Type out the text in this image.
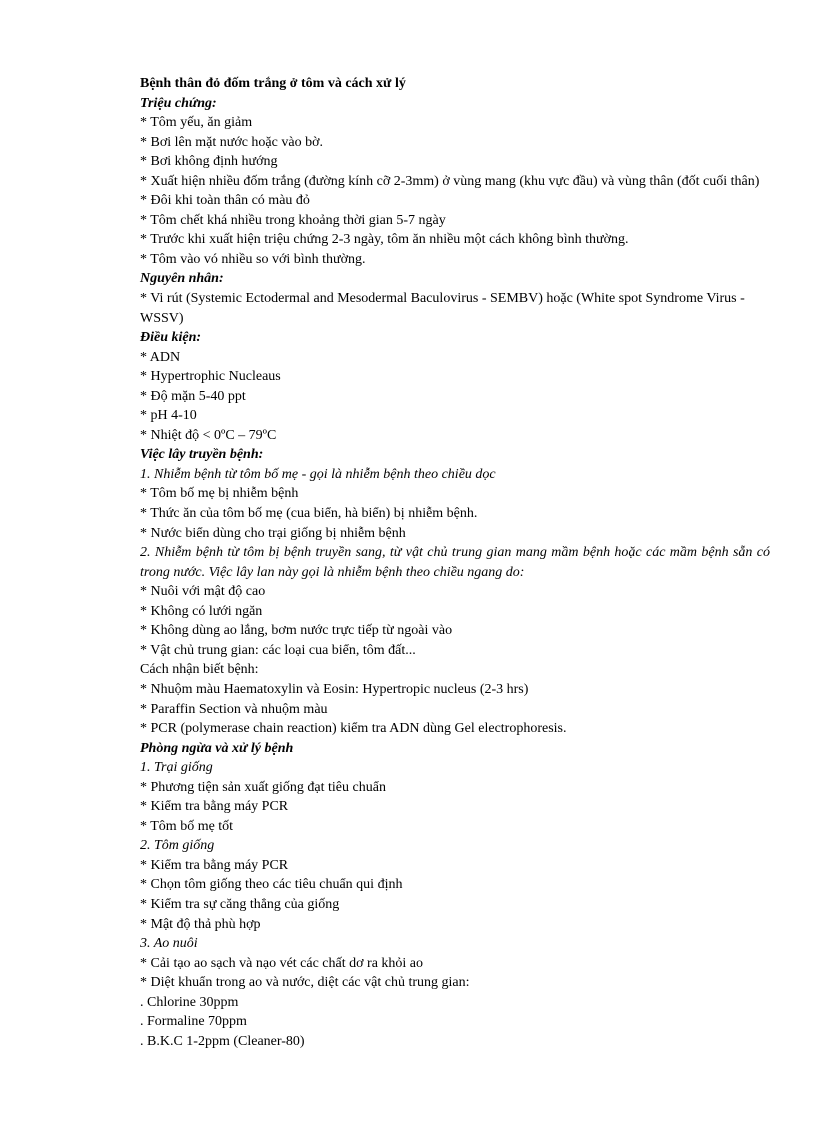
Bệnh thân đỏ đốm trắng ở tôm và cách xử lý

Triệu chứng:

* Tôm yếu, ăn giảm

* Bơi lên mặt nước hoặc vào bờ.

* Bơi không định hướng

* Xuất hiện nhiều đốm trắng (đường kính cỡ 2-3mm) ở vùng mang (khu vực đầu) và vùng thân (đốt cuối thân)

* Đôi khi toàn thân có màu đỏ

* Tôm chết khá nhiều trong khoảng thời gian 5-7 ngày

* Trước khi xuất hiện triệu chứng 2-3 ngày, tôm ăn nhiều một cách không bình thường.

* Tôm vào vó nhiều so với bình thường.

Nguyên nhân:

* Vi rút (Systemic Ectodermal and Mesodermal Baculovirus - SEMBV) hoặc (White spot Syndrome Virus - WSSV)

Điều kiện:

* ADN

* Hypertrophic Nucleaus

* Độ mặn 5-40 ppt

* pH 4-10

* Nhiệt độ < 0ºC – 79ºC

Việc lây truyền bệnh:

1. Nhiễm bệnh từ tôm bố mẹ - gọi là nhiễm bệnh theo chiều dọc

* Tôm bố mẹ bị nhiễm bệnh

* Thức ăn của tôm bố mẹ (cua biển, hà biển) bị nhiễm bệnh.

* Nước biển dùng cho trại giống bị nhiễm bệnh

2. Nhiễm bệnh từ tôm bị bệnh truyền sang, từ vật chủ trung gian mang mầm bệnh hoặc các mầm bệnh sẵn có trong nước. Việc lây lan này gọi là nhiễm bệnh theo chiều ngang do:

* Nuôi với mật độ cao

* Không có lưới ngăn

* Không dùng ao lắng, bơm nước trực tiếp từ ngoài vào

* Vật chủ trung gian: các loại cua biển, tôm đất...

Cách nhận biết bệnh:

* Nhuộm màu Haematoxylin và Eosin: Hypertropic nucleus (2-3 hrs)

* Paraffin Section và nhuộm màu

* PCR (polymerase chain reaction) kiểm tra ADN dùng Gel electrophoresis.

Phòng ngừa và xử lý bệnh

1. Trại giống

* Phương tiện sản xuất giống đạt tiêu chuẩn

* Kiểm tra bằng máy PCR

* Tôm bố mẹ tốt

2. Tôm giống

* Kiểm tra bằng máy PCR

* Chọn tôm giống theo các tiêu chuẩn qui định

* Kiểm tra sự căng thẳng của giống

* Mật độ thả phù hợp

3. Ao nuôi

* Cải tạo ao sạch và nạo vét các chất dơ ra khỏi ao

* Diệt khuẩn trong ao và nước, diệt các vật chủ trung gian:

. Chlorine 30ppm

. Formaline 70ppm

. B.K.C 1-2ppm (Cleaner-80)
